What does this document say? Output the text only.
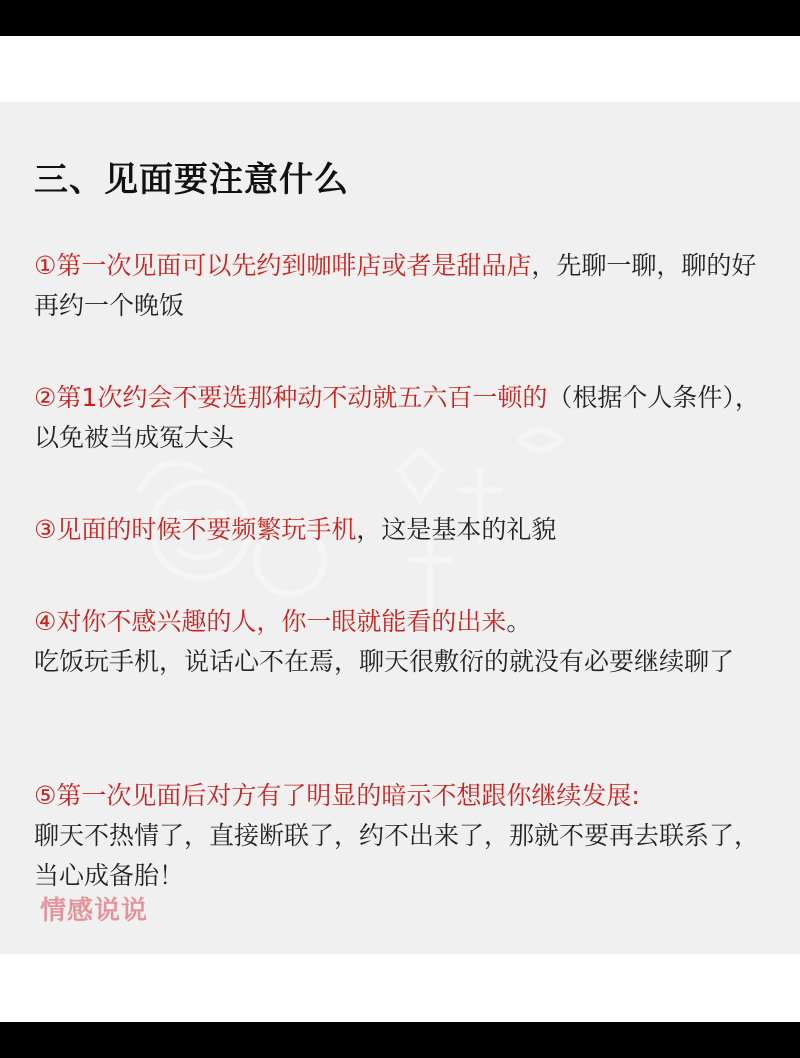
三、见面要注意什么
①第一次见面可以先约到咖啡店或者是甜品店，先聊一聊，聊的好再约一个晚饭
②第1次约会不要选那种动不动就五六百一顿的（根据个人条件），以免被当成冤大头
③见面的时候不要频繁玩手机，这是基本的礼貌
④对你不感兴趣的人，你一眼就能看的出来。
吃饭玩手机，说话心不在焉，聊天很敷衍的就没有必要继续聊了
⑤第一次见面后对方有了明显的暗示不想跟你继续发展:
聊天不热情了，直接断联了，约不出来了，那就不要再去联系了，当心成备胎！
情感说说
